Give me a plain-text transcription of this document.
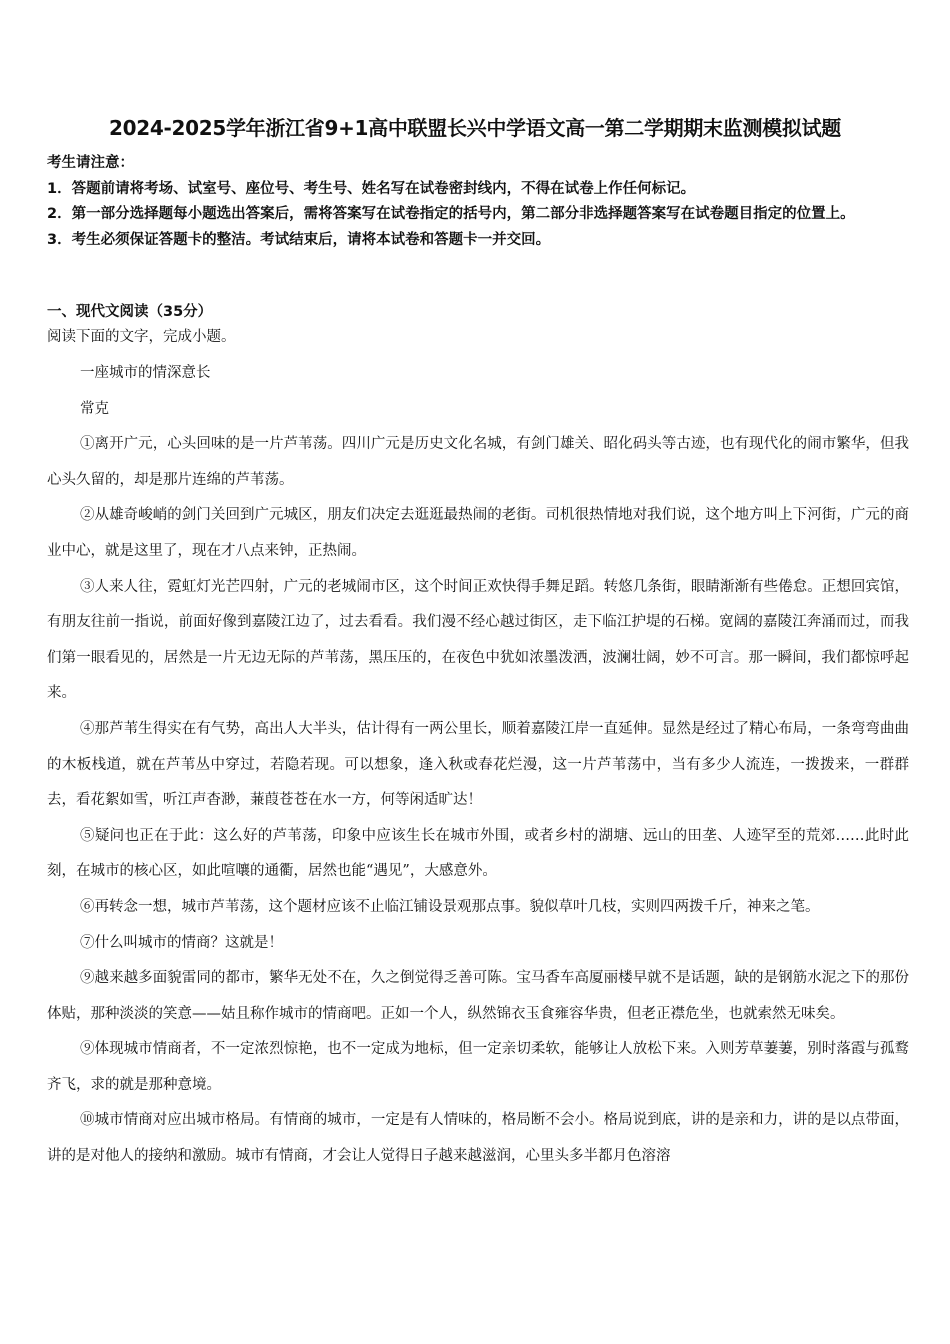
2024-2025学年浙江省9+1高中联盟长兴中学语文高一第二学期期末监测模拟试题

考生请注意：

1．答题前请将考场、试室号、座位号、考生号、姓名写在试卷密封线内，不得在试卷上作任何标记。

2．第一部分选择题每小题选出答案后，需将答案写在试卷指定的括号内，第二部分非选择题答案写在试卷题目指定的位置上。

3．考生必须保证答题卡的整洁。考试结束后，请将本试卷和答题卡一并交回。

一、现代文阅读（35分）
阅读下面的文字，完成小题。

一座城市的情深意长

常克

①离开广元，心头回味的是一片芦苇荡。四川广元是历史文化名城，有剑门雄关、昭化码头等古迹，也有现代化的闹市繁华，但我心头久留的，却是那片连绵的芦苇荡。

②从雄奇峻峭的剑门关回到广元城区，朋友们决定去逛逛最热闹的老街。司机很热情地对我们说，这个地方叫上下河街，广元的商业中心，就是这里了，现在才八点来钟，正热闹。

③人来人往，霓虹灯光芒四射，广元的老城闹市区，这个时间正欢快得手舞足蹈。转悠几条街，眼睛渐渐有些倦怠。正想回宾馆，有朋友往前一指说，前面好像到嘉陵江边了，过去看看。我们漫不经心越过街区，走下临江护堤的石梯。宽阔的嘉陵江奔涌而过，而我们第一眼看见的，居然是一片无边无际的芦苇荡，黑压压的，在夜色中犹如浓墨泼洒，波澜壮阔，妙不可言。那一瞬间，我们都惊呼起来。

④那芦苇生得实在有气势，高出人大半头，估计得有一两公里长，顺着嘉陵江岸一直延伸。显然是经过了精心布局，一条弯弯曲曲的木板栈道，就在芦苇丛中穿过，若隐若现。可以想象，逢入秋或春花烂漫，这一片芦苇荡中，当有多少人流连，一拨拨来，一群群去，看花絮如雪，听江声杳渺，蒹葭苍苍在水一方，何等闲适旷达！

⑤疑问也正在于此：这么好的芦苇荡，印象中应该生长在城市外围，或者乡村的湖塘、远山的田垄、人迹罕至的荒郊……此时此刻，在城市的核心区，如此喧嚷的通衢，居然也能“遇见”，大感意外。

⑥再转念一想，城市芦苇荡，这个题材应该不止临江铺设景观那点事。貌似草叶几枝，实则四两拨千斤，神来之笔。

⑦什么叫城市的情商？这就是！

⑨越来越多面貌雷同的都市，繁华无处不在，久之倒觉得乏善可陈。宝马香车高厦丽楼早就不是话题，缺的是钢筋水泥之下的那份体贴，那种淡淡的笑意——姑且称作城市的情商吧。正如一个人，纵然锦衣玉食雍容华贵，但老正襟危坐，也就索然无味矣。

⑨体现城市情商者，不一定浓烈惊艳，也不一定成为地标，但一定亲切柔软，能够让人放松下来。入则芳草萋萋，别时落霞与孤鹜齐飞，求的就是那种意境。

⑩城市情商对应出城市格局。有情商的城市，一定是有人情味的，格局断不会小。格局说到底，讲的是亲和力，讲的是以点带面，讲的是对他人的接纳和激励。城市有情商，才会让人觉得日子越来越滋润，心里头多半都月色溶溶
